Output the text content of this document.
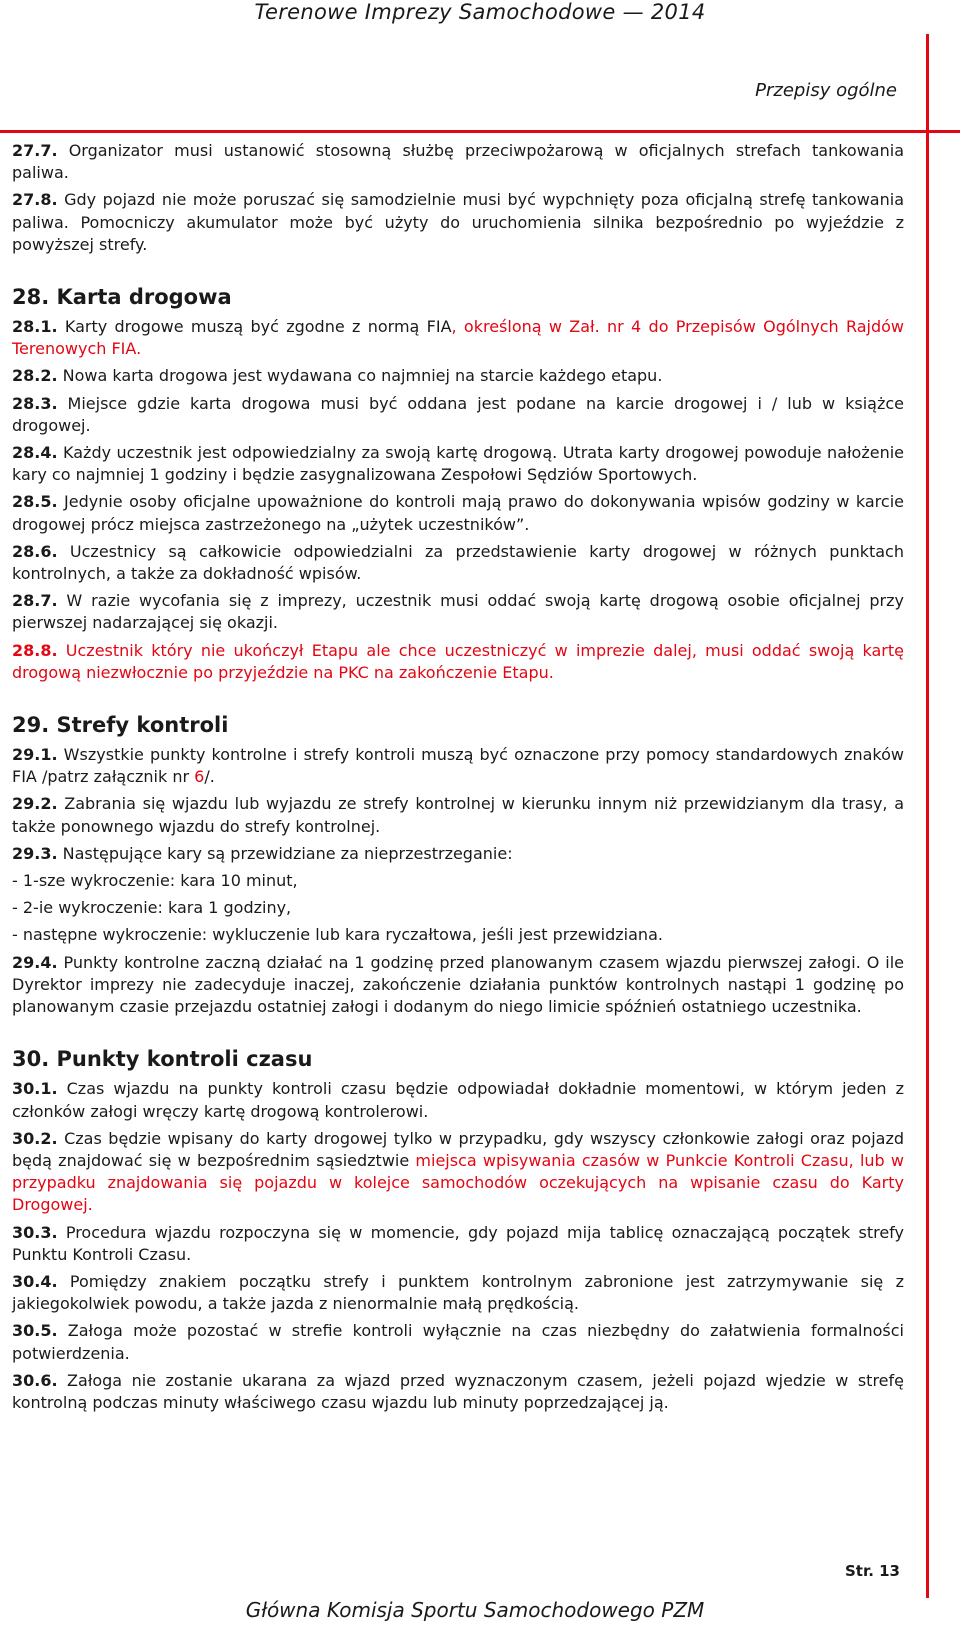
Terenowe Imprezy Samochodowe — 2014
Przepisy ogólne

27.7. Organizator musi ustanowić stosowną służbę przeciwpożarową w oficjalnych strefach tankowania paliwa.

27.8. Gdy pojazd nie może poruszać się samodzielnie musi być wypchnięty poza oficjalną strefę tankowania paliwa. Pomocniczy akumulator może być użyty do uruchomienia silnika bezpośrednio po wyjeździe z powyższej strefy.

28. Karta drogowa

28.1. Karty drogowe muszą być zgodne z normą FIA, określoną w Zał. nr 4 do Przepisów Ogólnych Rajdów Terenowych FIA.

28.2. Nowa karta drogowa jest wydawana co najmniej na starcie każdego etapu.

28.3. Miejsce gdzie karta drogowa musi być oddana jest podane na karcie drogowej i / lub w książce drogowej.

28.4. Każdy uczestnik jest odpowiedzialny za swoją kartę drogową. Utrata karty drogowej powoduje nałożenie kary co najmniej 1 godziny i będzie zasygnalizowana Zespołowi Sędziów Sportowych.

28.5. Jedynie osoby oficjalne upoważnione do kontroli mają prawo do dokonywania wpisów godziny w karcie drogowej prócz miejsca zastrzeżonego na „użytek uczestników”.

28.6. Uczestnicy są całkowicie odpowiedzialni za przedstawienie karty drogowej w różnych punktach kontrolnych, a także za dokładność wpisów.

28.7. W razie wycofania się z imprezy, uczestnik musi oddać swoją kartę drogową osobie oficjalnej przy pierwszej nadarzającej się okazji.

28.8. Uczestnik który nie ukończył Etapu ale chce uczestniczyć w imprezie dalej, musi oddać swoją kartę drogową niezwłocznie po przyjeździe na PKC na zakończenie Etapu.

29. Strefy kontroli

29.1. Wszystkie punkty kontrolne i strefy kontroli muszą być oznaczone przy pomocy standardowych znaków FIA /patrz załącznik nr 6/.

29.2. Zabrania się wjazdu lub wyjazdu ze strefy kontrolnej w kierunku innym niż przewidzianym dla trasy, a także ponownego wjazdu do strefy kontrolnej.

29.3. Następujące kary są przewidziane za nieprzestrzeganie:

- 1-sze wykroczenie: kara 10 minut,

- 2-ie wykroczenie: kara 1 godziny,

- następne wykroczenie: wykluczenie lub kara ryczałtowa, jeśli jest przewidziana.

29.4. Punkty kontrolne zaczną działać na 1 godzinę przed planowanym czasem wjazdu pierwszej załogi. O ile Dyrektor imprezy nie zadecyduje inaczej, zakończenie działania punktów kontrolnych nastąpi 1 godzinę po planowanym czasie przejazdu ostatniej załogi i dodanym do niego limicie spóźnień ostatniego uczestnika.

30. Punkty kontroli czasu

30.1. Czas wjazdu na punkty kontroli czasu będzie odpowiadał dokładnie momentowi, w którym jeden z członków załogi wręczy kartę drogową kontrolerowi.

30.2. Czas będzie wpisany do karty drogowej tylko w przypadku, gdy wszyscy członkowie załogi oraz pojazd będą znajdować się w bezpośrednim sąsiedztwie miejsca wpisywania czasów w Punkcie Kontroli Czasu, lub w przypadku znajdowania się pojazdu w kolejce samochodów oczekujących na wpisanie czasu do Karty Drogowej.

30.3. Procedura wjazdu rozpoczyna się w momencie, gdy pojazd mija tablicę oznaczającą początek strefy Punktu Kontroli Czasu.

30.4. Pomiędzy znakiem początku strefy i punktem kontrolnym zabronione jest zatrzymywanie się z jakiegokolwiek powodu, a także jazda z nienormalnie małą prędkością.

30.5. Załoga może pozostać w strefie kontroli wyłącznie na czas niezbędny do załatwienia formalności potwierdzenia.

30.6. Załoga nie zostanie ukarana za wjazd przed wyznaczonym czasem, jeżeli pojazd wjedzie w strefę kontrolną podczas minuty właściwego czasu wjazdu lub minuty poprzedzającej ją.

Str. 13
Główna Komisja Sportu Samochodowego PZM
